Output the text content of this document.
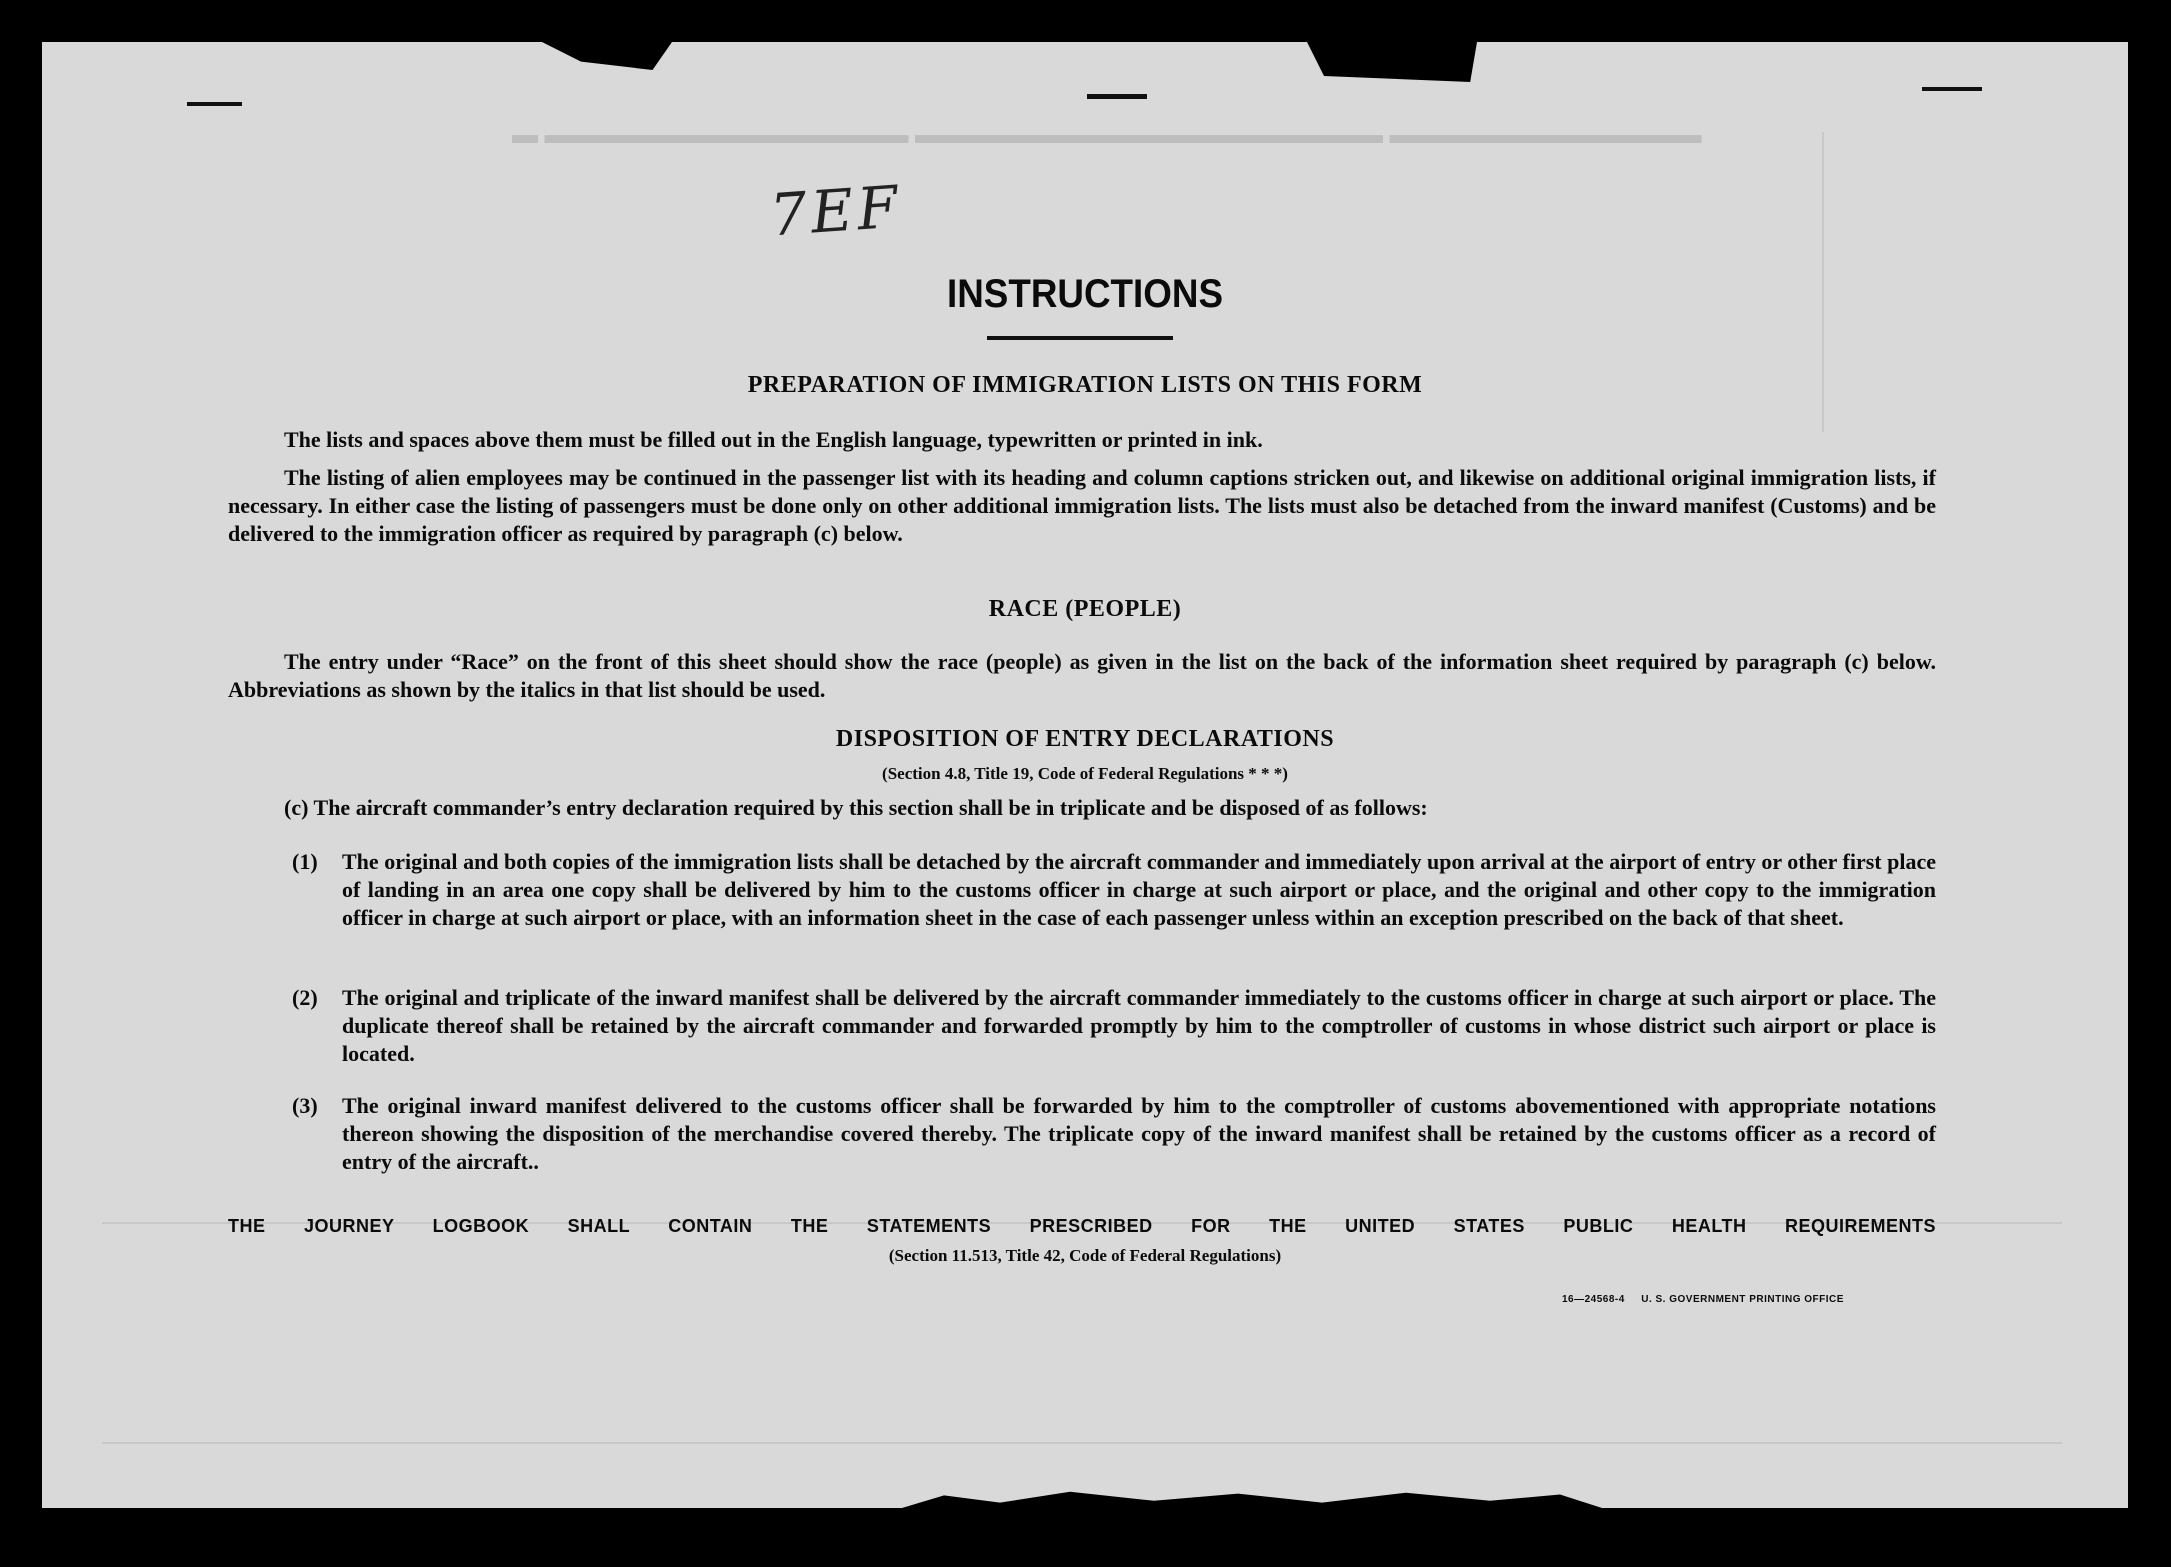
▬ ▬▬▬▬▬▬▬▬▬▬▬▬▬▬ ▬▬▬▬▬▬▬▬▬▬▬▬▬▬▬▬▬▬ ▬▬▬▬▬▬▬▬▬▬▬▬
7EF
INSTRUCTIONS
PREPARATION OF IMMIGRATION LISTS ON THIS FORM
The lists and spaces above them must be filled out in the English language, typewritten or printed in ink.
The listing of alien employees may be continued in the passenger list with its heading and column captions stricken out, and likewise on additional original immigration lists, if necessary. In either case the listing of passengers must be done only on other additional immigration lists. The lists must also be detached from the inward manifest (Customs) and be delivered to the immigration officer as required by paragraph (c) below.
RACE (PEOPLE)
The entry under “Race” on the front of this sheet should show the race (people) as given in the list on the back of the information sheet required by paragraph (c) below. Abbreviations as shown by the italics in that list should be used.
DISPOSITION OF ENTRY DECLARATIONS
(Section 4.8, Title 19, Code of Federal Regulations * * *)
(c) The aircraft commander’s entry declaration required by this section shall be in triplicate and be disposed of as follows:
(1) The original and both copies of the immigration lists shall be detached by the aircraft commander and immediately upon arrival at the airport of entry or other first place of landing in an area one copy shall be delivered by him to the customs officer in charge at such airport or place, and the original and other copy to the immigration officer in charge at such airport or place, with an information sheet in the case of each passenger unless within an exception prescribed on the back of that sheet.
(2) The original and triplicate of the inward manifest shall be delivered by the aircraft commander immediately to the customs officer in charge at such airport or place. The duplicate thereof shall be retained by the aircraft commander and forwarded promptly by him to the comptroller of customs in whose district such airport or place is located.
(3) The original inward manifest delivered to the customs officer shall be forwarded by him to the comptroller of customs abovementioned with appropriate notations thereon showing the disposition of the merchandise covered thereby. The triplicate copy of the inward manifest shall be retained by the customs officer as a record of entry of the aircraft..
THE JOURNEY LOGBOOK SHALL CONTAIN THE STATEMENTS PRESCRIBED FOR THE UNITED STATES PUBLIC HEALTH REQUIREMENTS
(Section 11.513, Title 42, Code of Federal Regulations)
16—24568-4 U. S. GOVERNMENT PRINTING OFFICE
